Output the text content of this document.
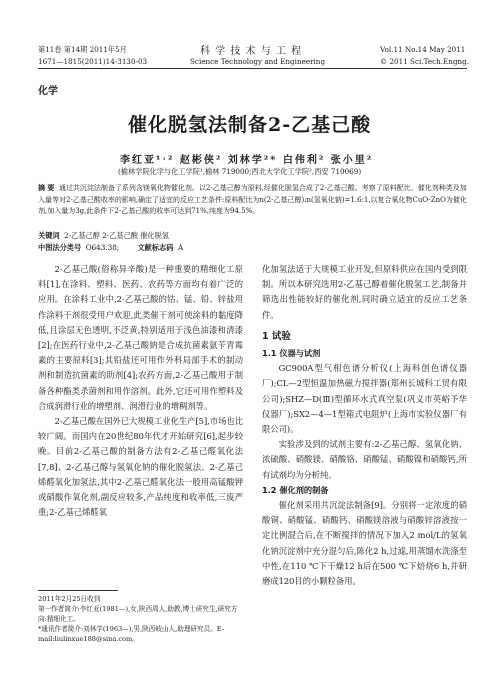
第11卷 第14期 2011年5月
1671—1815(2011)14-3130-03
科 学 技 术 与 工 程
Science Technology and Engineering
Vol.11 No.14 May 2011
© 2011 Sci.Tech.Engng.
化学
催化脱氢法制备2-乙基己酸
李红亚¹˒² 赵彬侠² 刘林学²* 白伟利² 张小里²
(榆林学院化学与化工学院¹,榆林 719000;西北大学化工学院²,西安 710069)
摘 要 通过共沉淀法制备了系列含镁氧化物催化剂。以2-乙基己醇为原料,经催化脱氢合成了2-乙基己酸。考察了原料配比、催化剂种类及加入量等对2-乙基己酸收率的影响,确定了适宜的反应工艺条件:原料配比为n(2-乙基己醇):n(氢氧化钠)=1.6:1,以复合氧化物CuO-ZnO为催化剂,加入量为3g,此条件下2-乙基己酸的收率可达到71%,纯度为94.5%。
关键词 2-乙基己醇 2-乙基己酸 催化脱氢
中图法分类号 O643.38;	文献标志码 A

2-乙基己酸(俗称异辛酸)是一种重要的精细化工原料[1],在涂料、塑料、医药、农药等方面均有着广泛的应用。在涂料工业中,2-乙基己酸的钴、锰、铅、锌盐用作涂料干剂很受用户欢迎,此类催干剂可使涂料的黏度降低,且涂层无色透明,不泛黄,特别适用于浅色油漆和清漆[2];在医药行业中,2-乙基己酸钠是合成抗菌素氨苄青霉素的主要原料[3];其铅盐还可用作外科局部手术的制动剂和制造抗菌素的助剂[4];农药方面,2-乙基己酸用于制备各种酯类杀菌剂和用作溶剂。此外,它还可用作塑料及合成润滑行业的增塑剂、润滑行业的增稠剂等。

2-乙基己酸在国外已大规模工业化生产[5],市场也比较广阔。而国内在20世纪80年代才开始研究[6],起步较晚。目前2-乙基己酸的制备方法有2-乙基己醛氧化法[7,8]、2-乙基己醇与氢氧化钠的催化脱氢法、2-乙基己烯醛氧化加氢法,其中2-乙基己醛氧化法一般用高锰酸钾或硝酸作氧化剂,副反应较多,产品纯度和收率低,三废严重;2-乙基己烯醛氧

2011年2月25日收到
第一作者简介:李红亚(1981—),女,陕西周人,助教,博士研究生,研究方向:精细化工。
*通讯作者简介:刘林学(1963—),男,陕西岐山人,助理研究员。E-mail:liulinxue188@sina.com。

化加氢法适于大规模工业开发,但原料供应在国内受到限制。所以本研究选用2-乙基己醇着催化脱氢工艺,制备并筛选出性能较好的催化剂,同时确立适宜的反应工艺条件。

1 试验
1.1 仪器与试剂

GC900A型气相色谱分析仪(上海科创色谱仪器厂);CL—2型恒温加热磁力搅拌器(郑州长城科工贸有限公司);SHZ—D(Ⅲ)型循环水式真空泵(巩义市英峪予华仪器厂);SX2—4—1型箱式电阻炉(上海市实验仪器厂有限公司)。

实验涉及到的试剂主要有:2-乙基己醇、氢氧化钠、浓硫酸、硝酸镁、硝酸铬、硝酸锰、硝酸镍和硝酸钙,所有试剂均为分析纯。

1.2 催化剂的制备

催化剂采用共沉淀法制备[9]。分别将一定浓度的硝酸铜、硝酸锰、硝酸钙、硝酸镁溶液与硝酸锌溶液按一定比例混合后,在不断搅拌的情况下加入2 mol/L的氢氧化钠沉淀剂中充分混匀后,陈化2 h,过滤,用蒸馏水洗涤至中性,在110 ℃下干燥12 h后在500 ℃下焙烧6 h,并研磨成120目的小颗粒备用。
